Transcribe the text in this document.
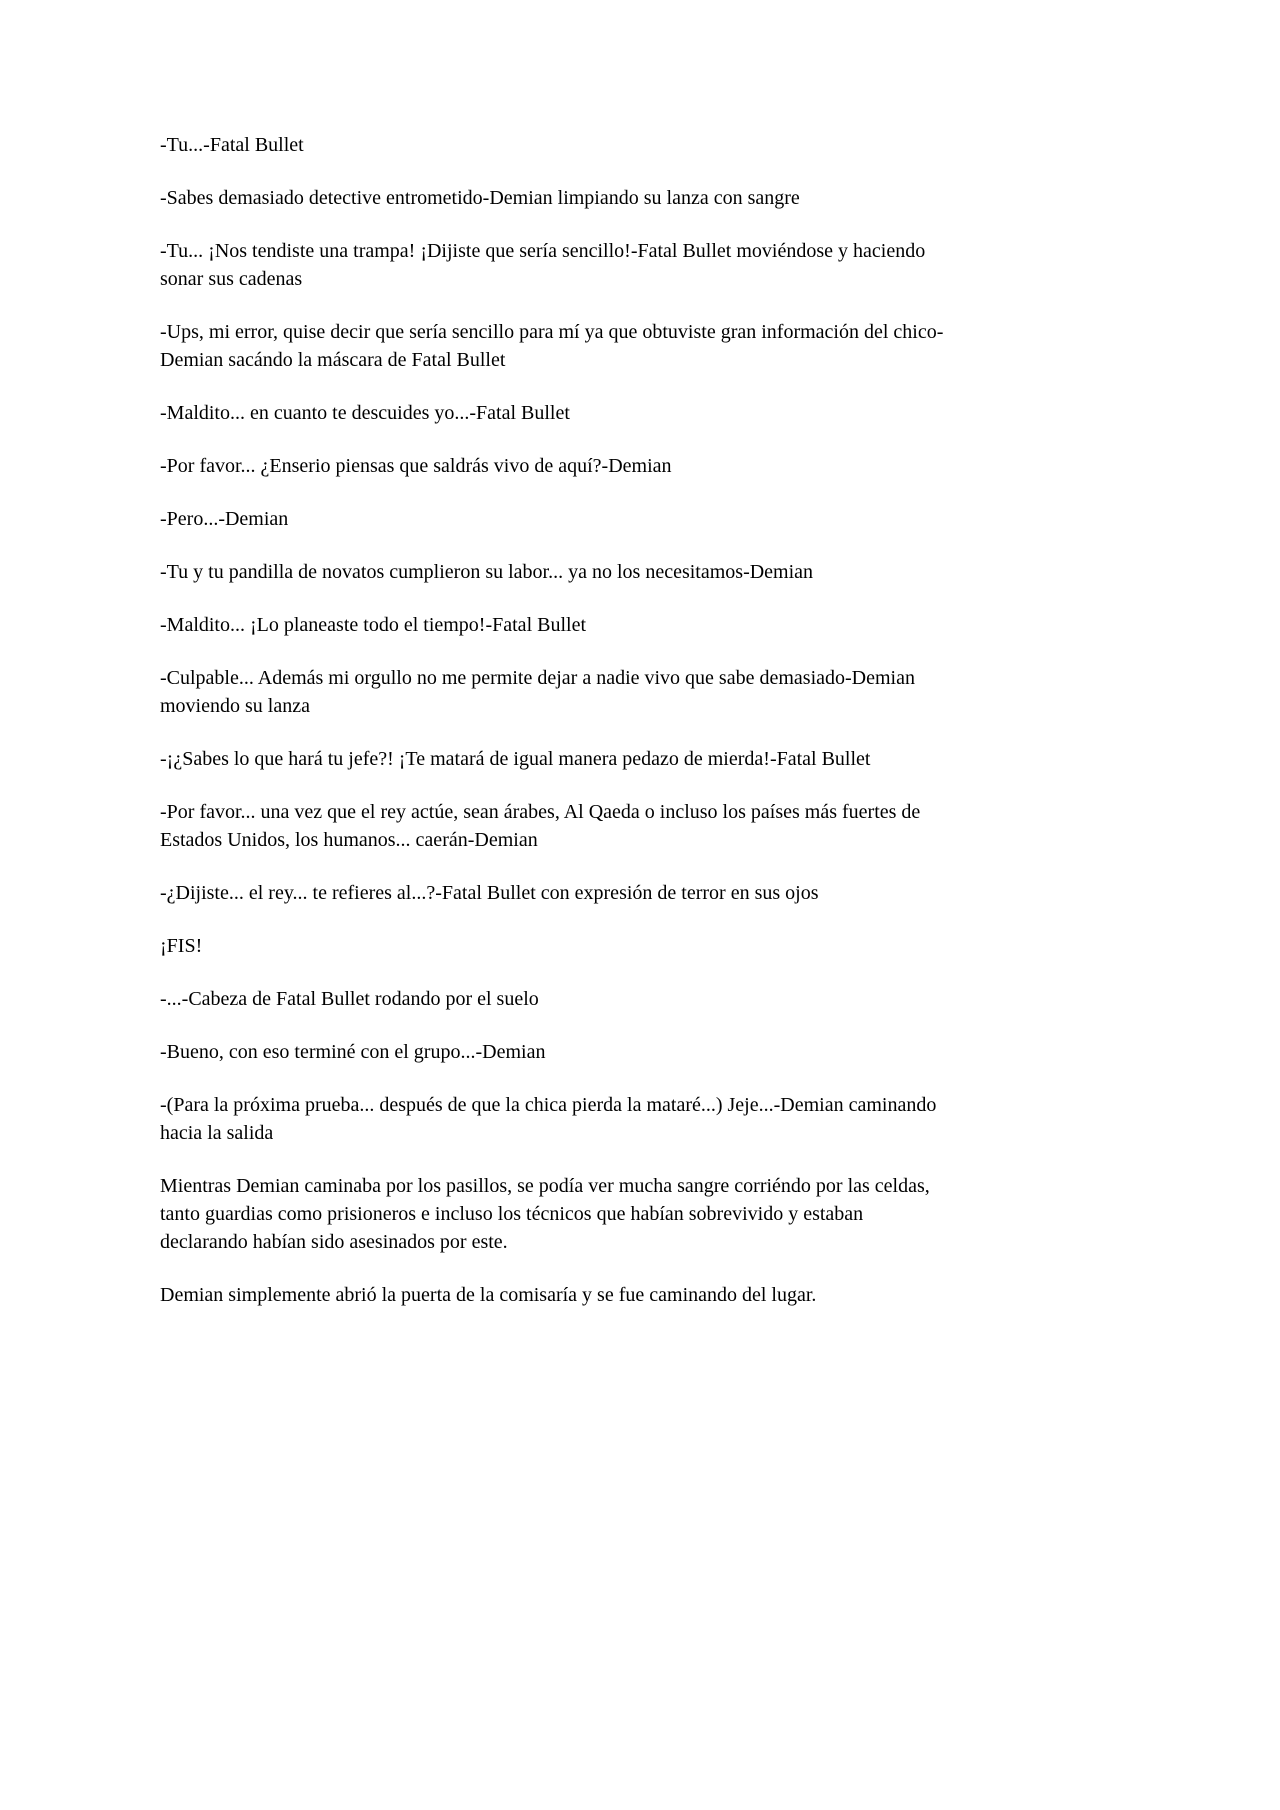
-Tu...-Fatal Bullet

-Sabes demasiado detective entrometido-Demian limpiando su lanza con sangre

-Tu... ¡Nos tendiste una trampa! ¡Dijiste que sería sencillo!-Fatal Bullet moviéndose y haciendo sonar sus cadenas

-Ups, mi error, quise decir que sería sencillo para mí ya que obtuviste gran información del chico-Demian sacándo la máscara de Fatal Bullet

-Maldito... en cuanto te descuides yo...-Fatal Bullet

-Por favor... ¿Enserio piensas que saldrás vivo de aquí?-Demian

-Pero...-Demian

-Tu y tu pandilla de novatos cumplieron su labor... ya no los necesitamos-Demian

-Maldito... ¡Lo planeaste todo el tiempo!-Fatal Bullet

-Culpable... Además mi orgullo no me permite dejar a nadie vivo que sabe demasiado-Demian moviendo su lanza

-¡¿Sabes lo que hará tu jefe?! ¡Te matará de igual manera pedazo de mierda!-Fatal Bullet

-Por favor... una vez que el rey actúe, sean árabes, Al Qaeda o incluso los países más fuertes de Estados Unidos, los humanos... caerán-Demian

-¿Dijiste... el rey... te refieres al...?-Fatal Bullet con expresión de terror en sus ojos

¡FIS!

-...-Cabeza de Fatal Bullet rodando por el suelo

-Bueno, con eso terminé con el grupo...-Demian

-(Para la próxima prueba... después de que la chica pierda la mataré...) Jeje...-Demian caminando hacia la salida

Mientras Demian caminaba por los pasillos, se podía ver mucha sangre corriéndo por las celdas, tanto guardias como prisioneros e incluso los técnicos que habían sobrevivido y estaban declarando habían sido asesinados por este.

Demian simplemente abrió la puerta de la comisaría y se fue caminando del lugar.
